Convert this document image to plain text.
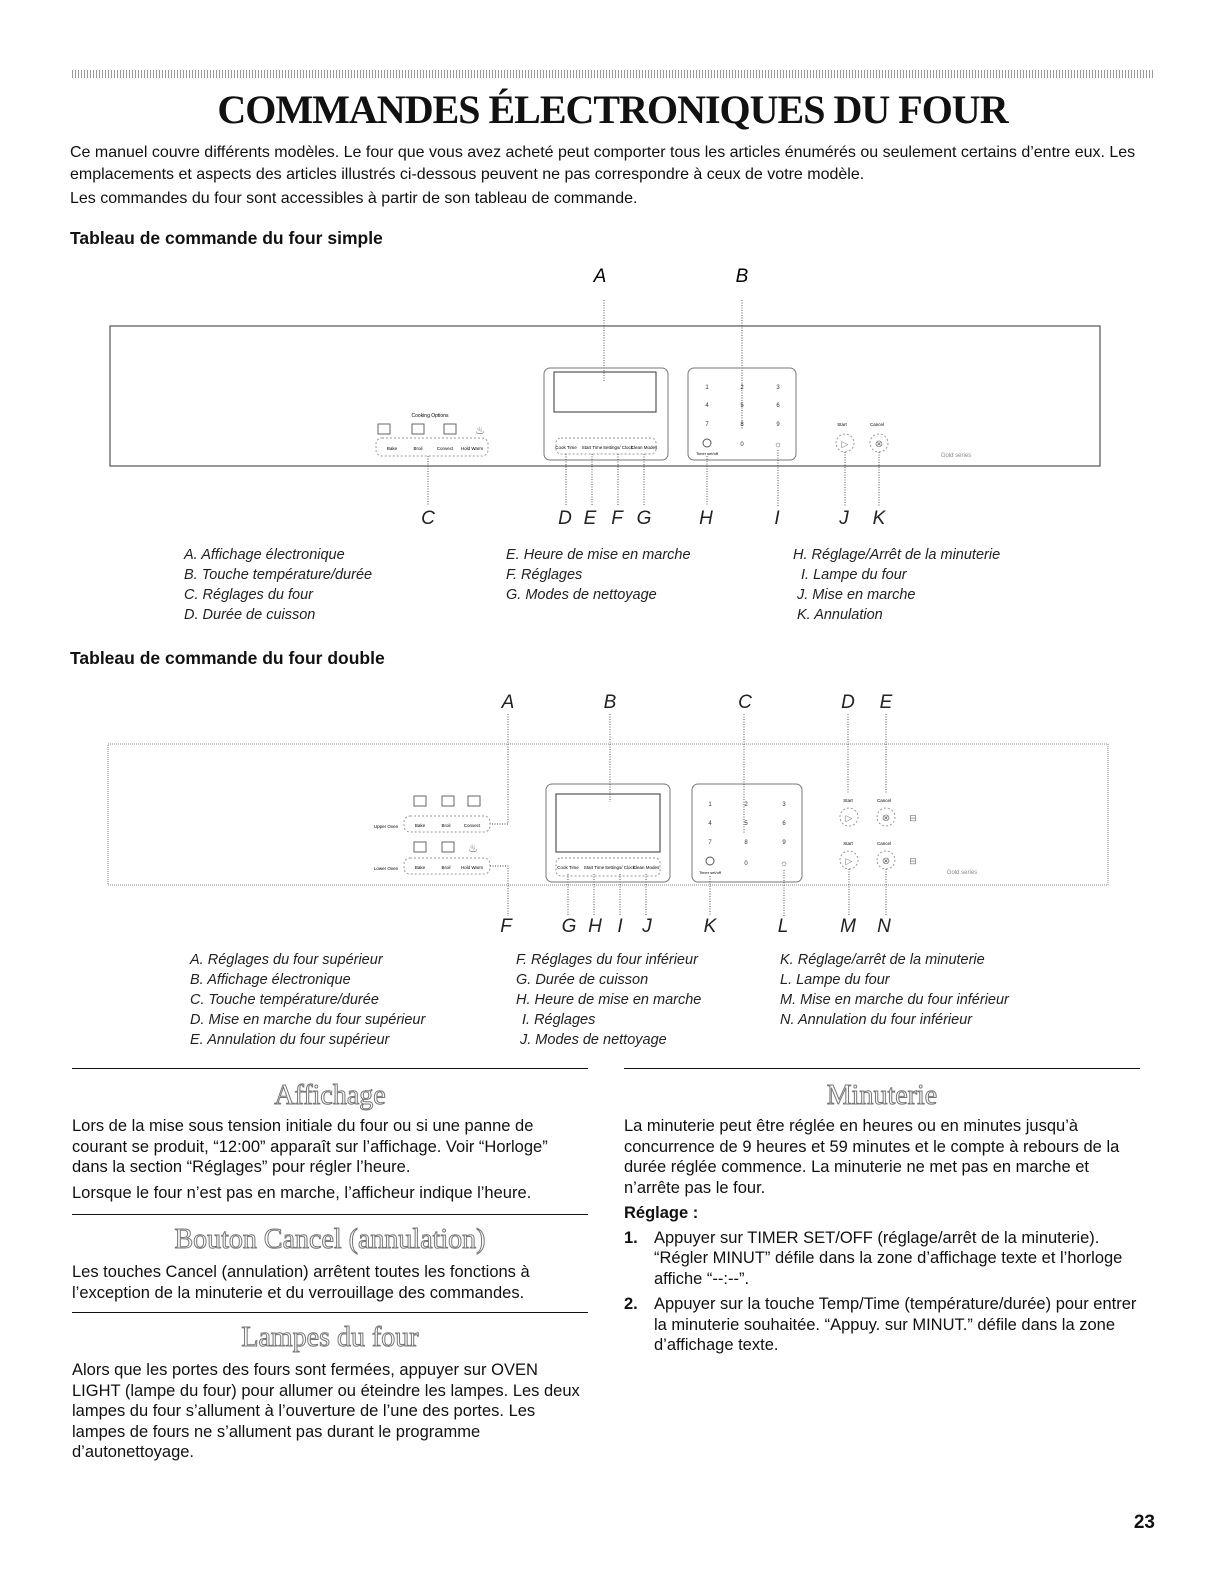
COMMANDES ÉLECTRONIQUES DU FOUR

Ce manuel couvre différents modèles. Le four que vous avez acheté peut comporter tous les articles énumérés ou seulement certains d’entre eux. Les emplacements et aspects des articles illustrés ci-dessous peuvent ne pas correspondre à ceux de votre modèle.

Les commandes du four sont accessibles à partir de son tableau de commande.

Tableau de commande du four simple
A	B
Cooking Options
♨
Bake	Broil	Convect Hold Warm	Cook Time Start Time Settings/ Clock
Clean Modes
1	2	3
4	5	6
7	8	9
0
Timer set/off
☼
Start	Cancel
▷	⊗
Gold series
C	D E F G	H	I	J K
A. Affichage électronique
B. Touche température/durée
C. Réglages du four
D. Durée de cuisson
E. Heure de mise en marche
F. Réglages
G. Modes de nettoyage
H. Réglage/Arrêt de la minuterie
I. Lampe du four
J. Mise en marche
K. Annulation
Tableau de commande du four double
A	B	C	D E
Upper Oven	Bake	Broil	Convect
♨
Lower Oven	Bake	Broil Hold Warm	Cook Time Start Time Settings/ Clock
Clean Modes
1	2	3
4	5	6
7	8	9
0
Timer set/off
☼
Start	Cancel
▷	⊗ ⊟
Start	Cancel
▷	⊗ ⊟
Gold series
F	G H I J	K	L	M N
A. Réglages du four supérieur
B. Affichage électronique
C. Touche température/durée
D. Mise en marche du four supérieur
E. Annulation du four supérieur
F. Réglages du four inférieur
G. Durée de cuisson
H. Heure de mise en marche
I. Réglages
J. Modes de nettoyage
K. Réglage/arrêt de la minuterie
L. Lampe du four
M. Mise en marche du four inférieur
N. Annulation du four inférieur
Affichage

Lors de la mise sous tension initiale du four ou si une panne de courant se produit, “12:00” apparaît sur l’affichage. Voir “Horloge” dans la section “Réglages” pour régler l’heure.

Lorsque le four n’est pas en marche, l’afficheur indique l’heure.

Bouton Cancel (annulation)

Les touches Cancel (annulation) arrêtent toutes les fonctions à l’exception de la minuterie et du verrouillage des commandes.

Lampes du four

Alors que les portes des fours sont fermées, appuyer sur OVEN LIGHT (lampe du four) pour allumer ou éteindre les lampes. Les deux lampes du four s’allument à l’ouverture de l’une des portes. Les lampes de fours ne s’allument pas durant le programme d’autonettoyage.

Minuterie

La minuterie peut être réglée en heures ou en minutes jusqu’à concurrence de 9 heures et 59 minutes et le compte à rebours de la durée réglée commence. La minuterie ne met pas en marche et n’arrête pas le four.

Réglage :

1. Appuyer sur TIMER SET/OFF (réglage/arrêt de la minuterie). “Régler MINUT” défile dans la zone d’affichage texte et l’horloge affiche “--:--”.
2. Appuyer sur la touche Temp/Time (température/durée) pour entrer la minuterie souhaitée. “Appuy. sur MINUT.” défile dans la zone d’affichage texte.
23
